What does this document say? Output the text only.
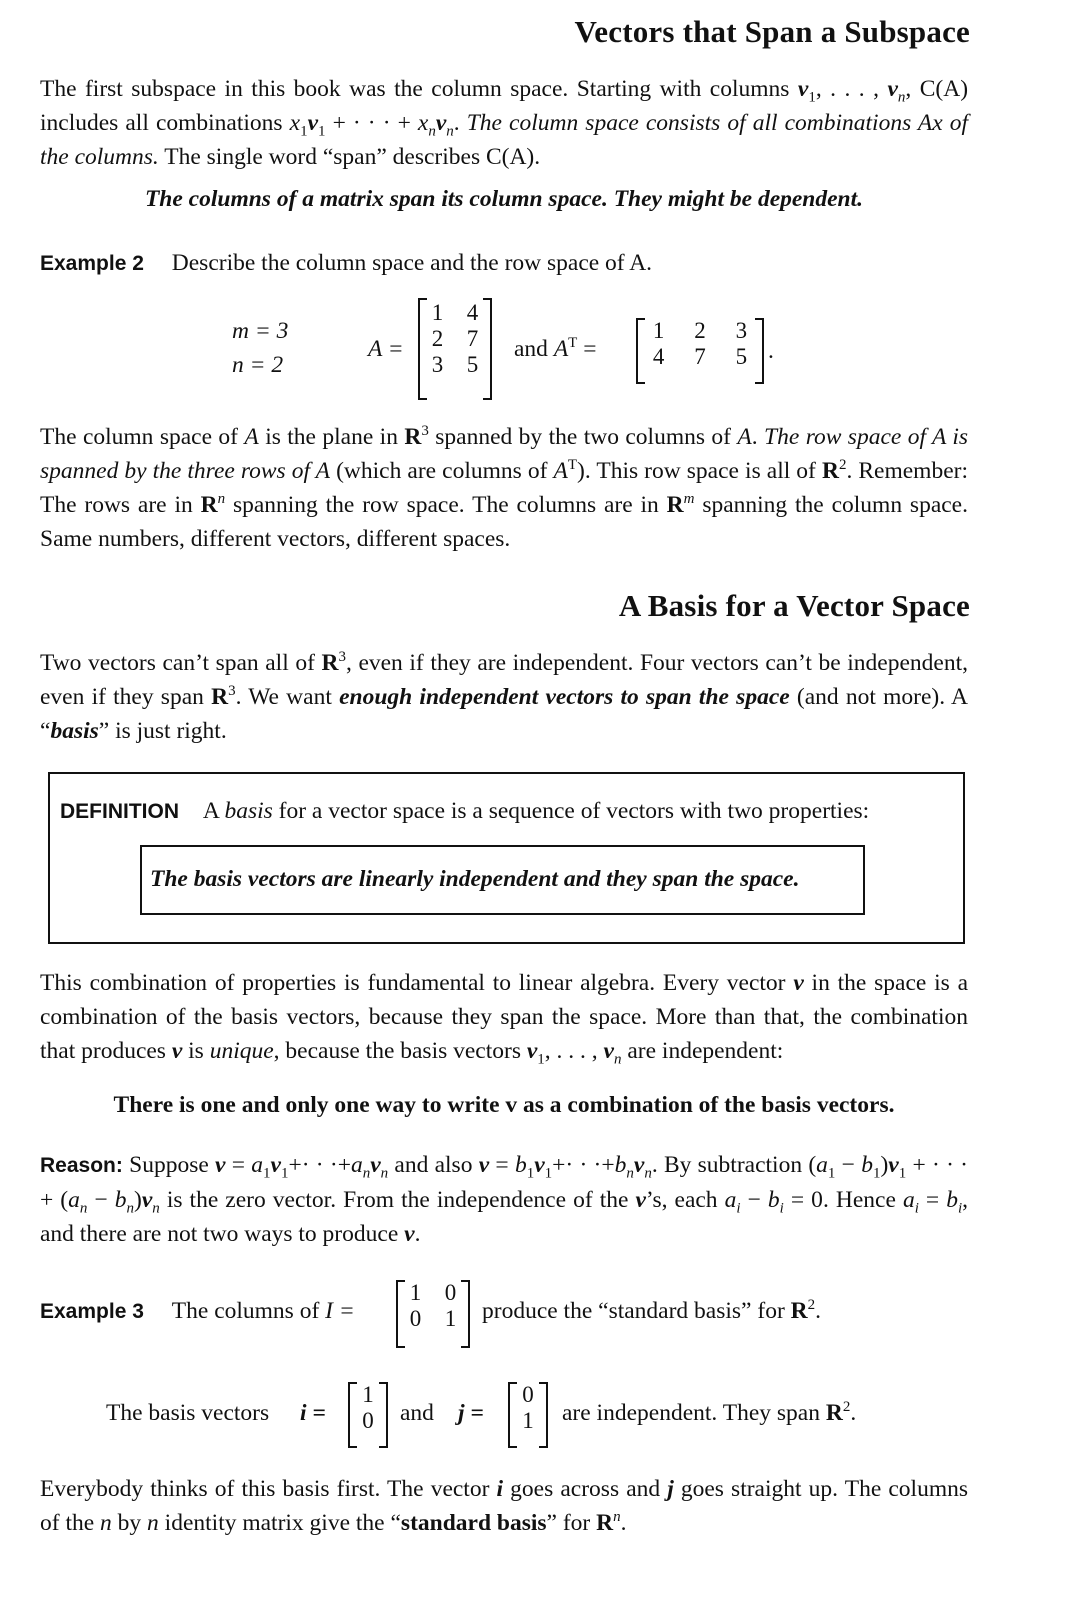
Vectors that Span a Subspace
The first subspace in this book was the column space. Starting with columns $v_1$, . . . , $v_n$, C(A) includes all combinations $x_1v_1$ + · · · + $x_nv_n$. The column space consists of all combinations Ax of the columns. The single word “span” describes C(A).
The columns of a matrix span its column space. They might be dependent.
Example 2 Describe the column space and the row space of A.
m = 3
n = 2
A =
1	4
2	7
3	5
and $A^T$ =
1	2	3
4	7	5 .
The column space of A is the plane in $R^3$ spanned by the two columns of A. The row space of A is spanned by the three rows of A (which are columns of $A^T$). This row space is all of $R^2$. Remember: The rows are in $R^n$ spanning the row space. The columns are in $R^m$ spanning the column space. Same numbers, different vectors, different spaces.
A Basis for a Vector Space
Two vectors can’t span all of $R^3$, even if they are independent. Four vectors can’t be independent, even if they span $R^3$. We want enough independent vectors to span the space (and not more). A “basis” is just right.
DEFINITION A basis for a vector space is a sequence of vectors with two properties:
The basis vectors are linearly independent and they span the space.
This combination of properties is fundamental to linear algebra. Every vector v in the space is a combination of the basis vectors, because they span the space. More than that, the combination that produces v is unique, because the basis vectors $v_1$, . . . , $v_n$ are independent:
There is one and only one way to write v as a combination of the basis vectors.
Reason: Suppose $v = a_1v_1+\cdot \cdot \cdot+a_nv_n$ and also $v = b_1v_1+\cdot \cdot \cdot+b_nv_n$. By subtraction $(a_1 - b_1)v_1$ + · · · + $(a_n - b_n)v_n$ is the zero vector. From the independence of the v’s, each $a_i - b_i = 0$. Hence $a_i = b_i$, and there are not two ways to produce v.
Example 3 The columns of I =
1	0
0	1	produce the “standard basis” for $R^2$.
The basis vectors i =
1
0	and j =
0
1	are independent. They span $R^2$.
Everybody thinks of this basis first. The vector i goes across and j goes straight up. The columns of the n by n identity matrix give the “standard basis” for $R^n$.
